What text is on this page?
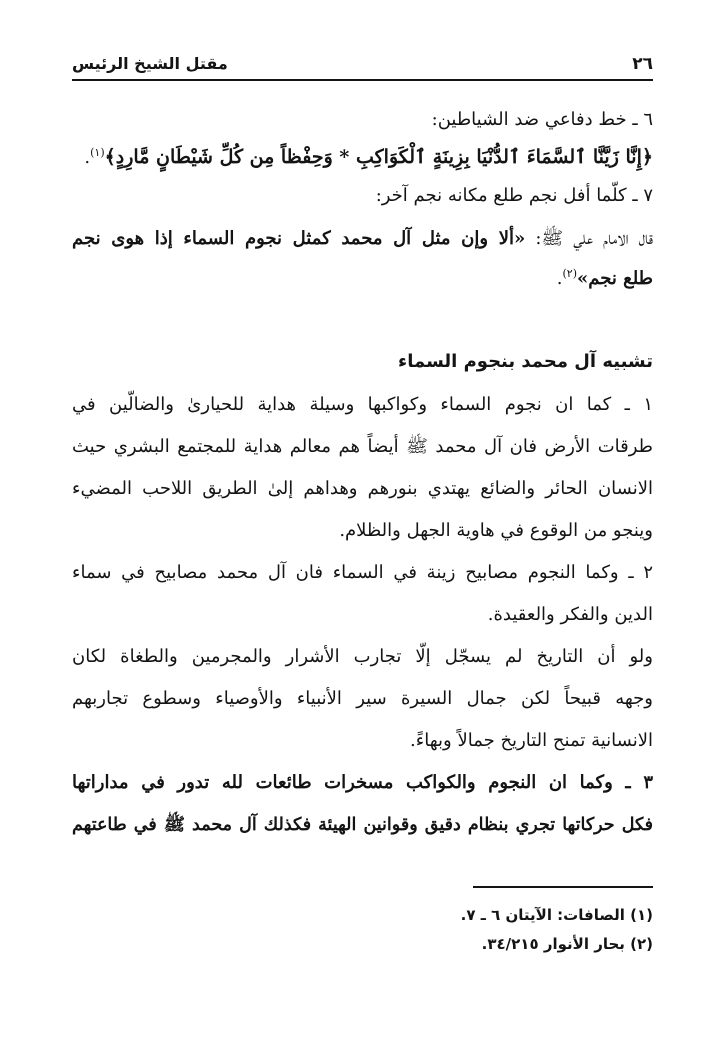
٢٦
مقتل الشيخ الرئيس

٦ ـ خط دفاعي ضد الشياطين:

﴿إِنَّا زَيَّنَّا ٱلسَّمَاءَ ٱلدُّنْيَا بِزِينَةٍ ٱلْكَوَاكِبِ * وَحِفْظاً مِن كُلِّ شَيْطَانٍ مَّارِدٍ﴾$^{(١)}$.

٧ ـ كلّما أفل نجم طلع مكانه نجم آخر:

قال الامام علي ﷺ: «ألا وإن مثل آل محمد كمثل نجوم السماء إذا هوى نجم

طلع نجم»$^{(٢)}$.

تشبيه آل محمد بنجوم السماء

١ ـ كما ان نجوم السماء وكواكبها وسيلة هداية للحيارىٰ والضالّين في

طرقات الأرض فان آل محمد ﷺ أيضاً هم معالم هداية للمجتمع البشري حيث

الانسان الحائر والضائع يهتدي بنورهم وهداهم إلىٰ الطريق اللاحب المضيء

وينجو من الوقوع في هاوية الجهل والظلام.

٢ ـ وكما النجوم مصابيح زينة في السماء فان آل محمد مصابيح في سماء

الدين والفكر والعقيدة.

ولو أن التاريخ لم يسجّل إلّا تجارب الأشرار والمجرمين والطغاة لكان

وجهه قبيحاً لكن جمال السيرة سير الأنبياء والأوصياء وسطوع تجاربهم

الانسانية تمنح التاريخ جمالاً وبهاءً.

٣ ـ وكما ان النجوم والكواكب مسخرات طائعات لله تدور في مداراتها

فكل حركاتها تجري بنظام دقيق وقوانين الهيئة فكذلك آل محمد ﷺ في طاعتهم

(١) الصافات: الآيتان ٦ ـ ٧.

(٢) بحار الأنوار ٣٤/٢١٥.
